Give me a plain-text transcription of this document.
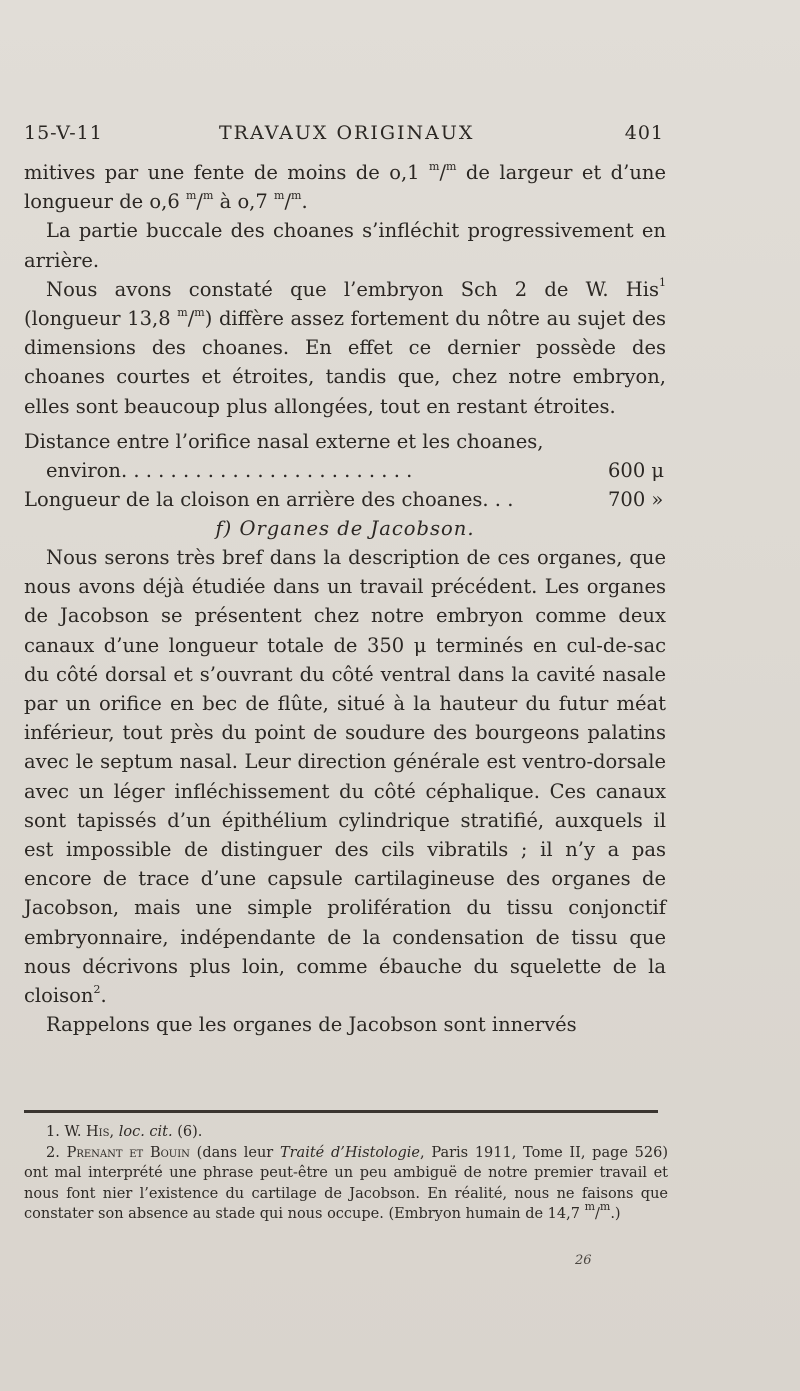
15-V-11	TRAVAUX ORIGINAUX	401

mitives par une fente de moins de o,1 $^m$/$^m$ de largeur et d’une longueur de o,6 $^m$/$^m$ à o,7 $^m$/$^m$.

La partie buccale des choanes s’infléchit progressivement en arrière.

Nous avons constaté que l’embryon Sch 2 de W. His$^1$ (longueur 13,8 $^m$/$^m$) diffère assez fortement du nôtre au sujet des dimensions des choanes. En effet ce dernier possède des choanes courtes et étroites, tandis que, chez notre embryon, elles sont beaucoup plus allongées, tout en restant étroites.

Distance entre l’orifice nasal externe et les choanes,
environ. . . . . . . . . . . . . . . . . . . . . . . .	600 μ
Longueur de la cloison en arrière des choanes. . .	700 »

f) Organes de Jacobson.

Nous serons très bref dans la description de ces organes, que nous avons déjà étudiée dans un travail précédent. Les organes de Jacobson se présentent chez notre embryon comme deux canaux d’une longueur totale de 350 μ terminés en cul-de-sac du côté dorsal et s’ouvrant du côté ventral dans la cavité nasale par un orifice en bec de flûte, situé à la hauteur du futur méat inférieur, tout près du point de soudure des bourgeons palatins avec le septum nasal. Leur direction générale est ventro-dorsale avec un léger infléchissement du côté céphalique. Ces canaux sont tapissés d’un épithélium cylindrique stratifié, auxquels il est impossible de distinguer des cils vibratils ; il n’y a pas encore de trace d’une capsule cartilagineuse des organes de Jacobson, mais une simple prolifération du tissu conjonctif embryonnaire, indépendante de la condensation de tissu que nous décrivons plus loin, comme ébauche du squelette de la cloison$^2$.

Rappelons que les organes de Jacobson sont innervés

1. W. His, loc. cit. (6).

2. Prenant et Bouin (dans leur Traité d’Histologie, Paris 1911, Tome II, page 526) ont mal interprété une phrase peut-être un peu ambiguë de notre premier travail et nous font nier l’existence du cartilage de Jacobson. En réalité, nous ne faisons que constater son absence au stade qui nous occupe. (Embryon humain de 14,7 $^m$/$^m$.)

26
